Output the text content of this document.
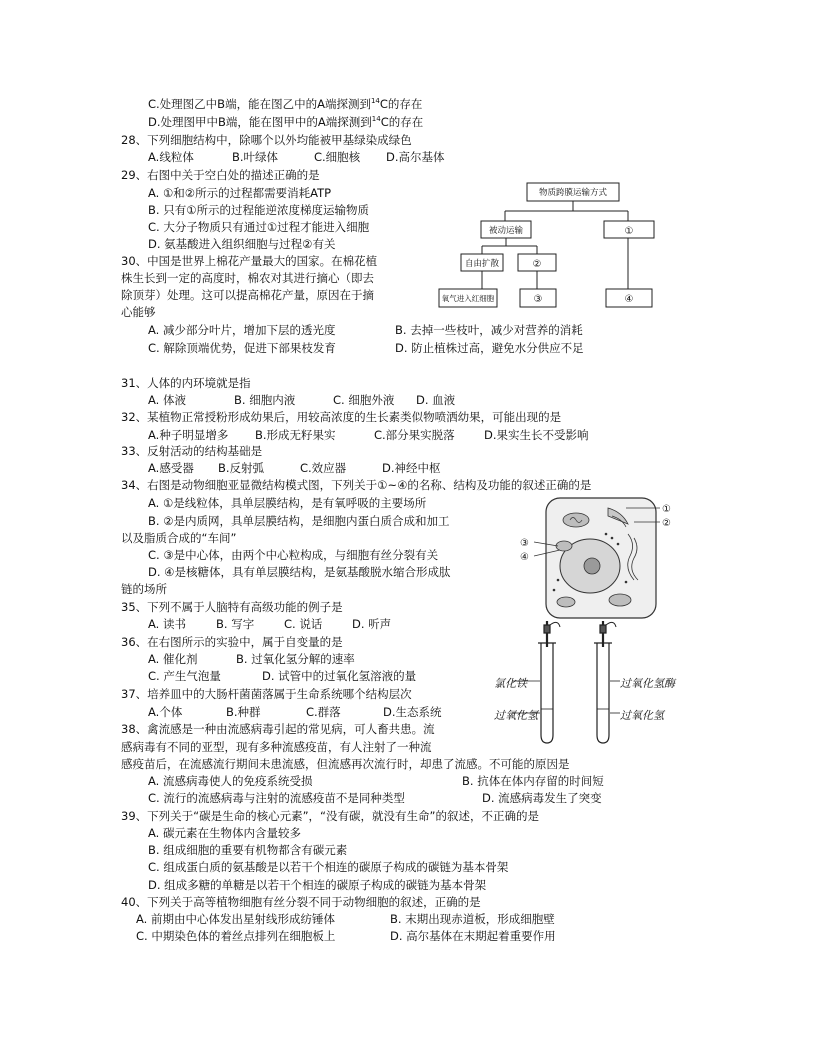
C.处理图乙中B端，能在图乙中的A端探测到$^{14}$C的存在
D.处理图甲中B端，能在图甲中的A端探测到$^{14}$C的存在
28、下列细胞结构中，除哪个以外均能被甲基绿染成绿色
A.线粒体	B.叶绿体	C.细胞核 D.高尔基体
29、右图中关于空白处的描述正确的是
A. ①和②所示的过程都需要消耗ATP
B. 只有①所示的过程能逆浓度梯度运输物质
C. 大分子物质只有通过①过程才能进入细胞
D. 氨基酸进入组织细胞与过程②有关
物质跨膜运输方式
被动运输	①
自由扩散	②
氧气进入红细胞	③	④
30、中国是世界上棉花产量最大的国家。在棉花植
株生长到一定的高度时，棉农对其进行摘心（即去
除顶芽）处理。这可以提高棉花产量，原因在于摘
心能够
A. 减少部分叶片，增加下层的透光度	B. 去掉一些枝叶，减少对营养的消耗
C. 解除顶端优势，促进下部果枝发育	D. 防止植株过高，避免水分供应不足
31、人体的内环境就是指
A. 体液	B. 细胞内液	C. 细胞外液 D. 血液
32、某植物正常授粉形成幼果后，用较高浓度的生长素类似物喷洒幼果，可能出现的是
A.种子明显增多 B.形成无籽果实	C.部分果实脱落	D.果实生长不受影响
33、反射活动的结构基础是
A.感受器 B.反射弧	C.效应器	D.神经中枢
34、右图是动物细胞亚显微结构模式图，下列关于①~④的名称、结构及功能的叙述正确的是
A. ①是线粒体，具单层膜结构，是有氧呼吸的主要场所
B. ②是内质网，具单层膜结构，是细胞内蛋白质合成和加工
以及脂质合成的“车间”
C. ③是中心体，由两个中心粒构成，与细胞有丝分裂有关
D. ④是核糖体，具有单层膜结构，是氨基酸脱水缩合形成肽
链的场所
①
②
③
④
35、下列不属于人脑特有高级功能的例子是
A. 读书	B. 写字	C. 说话	D. 听声
36、在右图所示的实验中，属于自变量的是
A. 催化剂	B. 过氧化氢分解的速率
C. 产生气泡量	D. 试管中的过氧化氢溶液的量
氯化铁
过氧化氢
过氧化氢酶
过氧化氢
37、培养皿中的大肠杆菌菌落属于生命系统哪个结构层次
A.个体	B.种群	C.群落	D.生态系统
38、禽流感是一种由流感病毒引起的常见病，可人畜共患。流
感病毒有不同的亚型，现有多种流感疫苗，有人注射了一种流
感疫苗后，在流感流行期间未患流感，但流感再次流行时，却患了流感。不可能的原因是
A. 流感病毒使人的免疫系统受损	B. 抗体在体内存留的时间短
C. 流行的流感病毒与注射的流感疫苗不是同种类型	D. 流感病毒发生了突变
39、下列关于“碳是生命的核心元素”，“没有碳，就没有生命”的叙述，不正确的是
A. 碳元素在生物体内含量较多
B. 组成细胞的重要有机物都含有碳元素
C. 组成蛋白质的氨基酸是以若干个相连的碳原子构成的碳链为基本骨架
D. 组成多糖的单糖是以若干个相连的碳原子构成的碳链为基本骨架
40、下列关于高等植物细胞有丝分裂不同于动物细胞的叙述，正确的是
A. 前期由中心体发出星射线形成纺锤体	B. 末期出现赤道板，形成细胞壁
C. 中期染色体的着丝点排列在细胞板上	D. 高尔基体在末期起着重要作用
